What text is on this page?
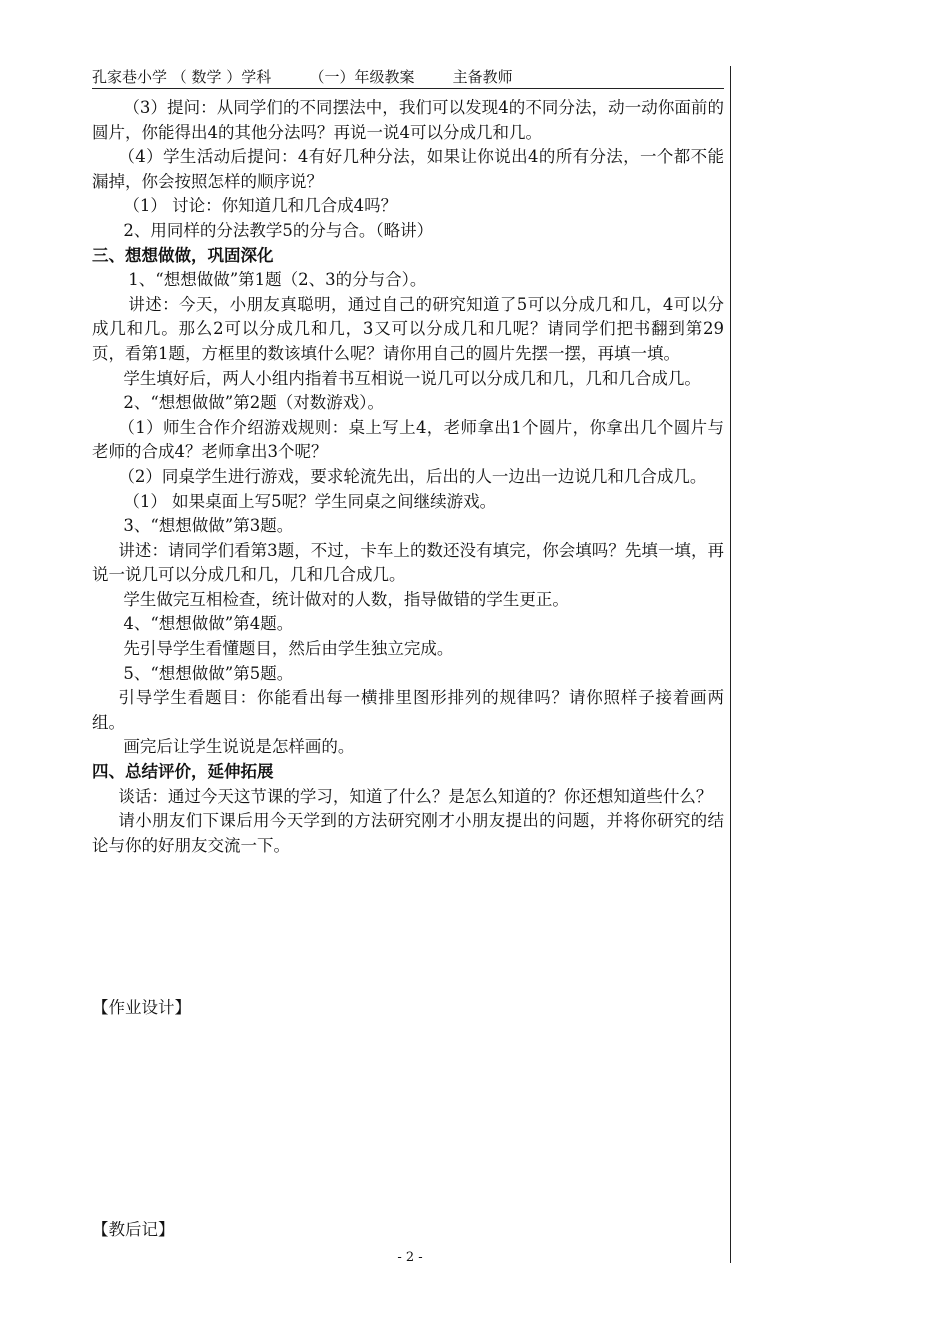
孔家巷小学 （ 数学 ）学科        （一）年级教案        主备教师

（3）提问：从同学们的不同摆法中，我们可以发现4的不同分法，动一动你面前的圆片，你能得出4的其他分法吗？再说一说4可以分成几和几。

（4）学生活动后提问：4有好几种分法，如果让你说出4的所有分法，一个都不能漏掉，你会按照怎样的顺序说？

（1） 讨论：你知道几和几合成4吗？

2、用同样的分法教学5的分与合。（略讲）

三、想想做做，巩固深化

1、“想想做做”第1题（2、3的分与合）。

讲述：今天，小朋友真聪明，通过自己的研究知道了5可以分成几和几，4可以分成几和几。那么2可以分成几和几，3又可以分成几和几呢？请同学们把书翻到第29页，看第1题，方框里的数该填什么呢？请你用自己的圆片先摆一摆，再填一填。

学生填好后，两人小组内指着书互相说一说几可以分成几和几，几和几合成几。

2、“想想做做”第2题（对数游戏）。

（1）师生合作介绍游戏规则：桌上写上4，老师拿出1个圆片，你拿出几个圆片与老师的合成4？老师拿出3个呢？

（2）同桌学生进行游戏，要求轮流先出，后出的人一边出一边说几和几合成几。

（1） 如果桌面上写5呢？学生同桌之间继续游戏。

3、“想想做做”第3题。

讲述：请同学们看第3题，不过，卡车上的数还没有填完，你会填吗？先填一填，再说一说几可以分成几和几，几和几合成几。

学生做完互相检查，统计做对的人数，指导做错的学生更正。

4、“想想做做”第4题。

先引导学生看懂题目，然后由学生独立完成。

5、“想想做做”第5题。

引导学生看题目：你能看出每一横排里图形排列的规律吗？请你照样子接着画两组。

画完后让学生说说是怎样画的。

四、总结评价，延伸拓展

谈话：通过今天这节课的学习，知道了什么？是怎么知道的？你还想知道些什么？

请小朋友们下课后用今天学到的方法研究刚才小朋友提出的问题，并将你研究的结论与你的好朋友交流一下。

【作业设计】
【教后记】
- 2 -
